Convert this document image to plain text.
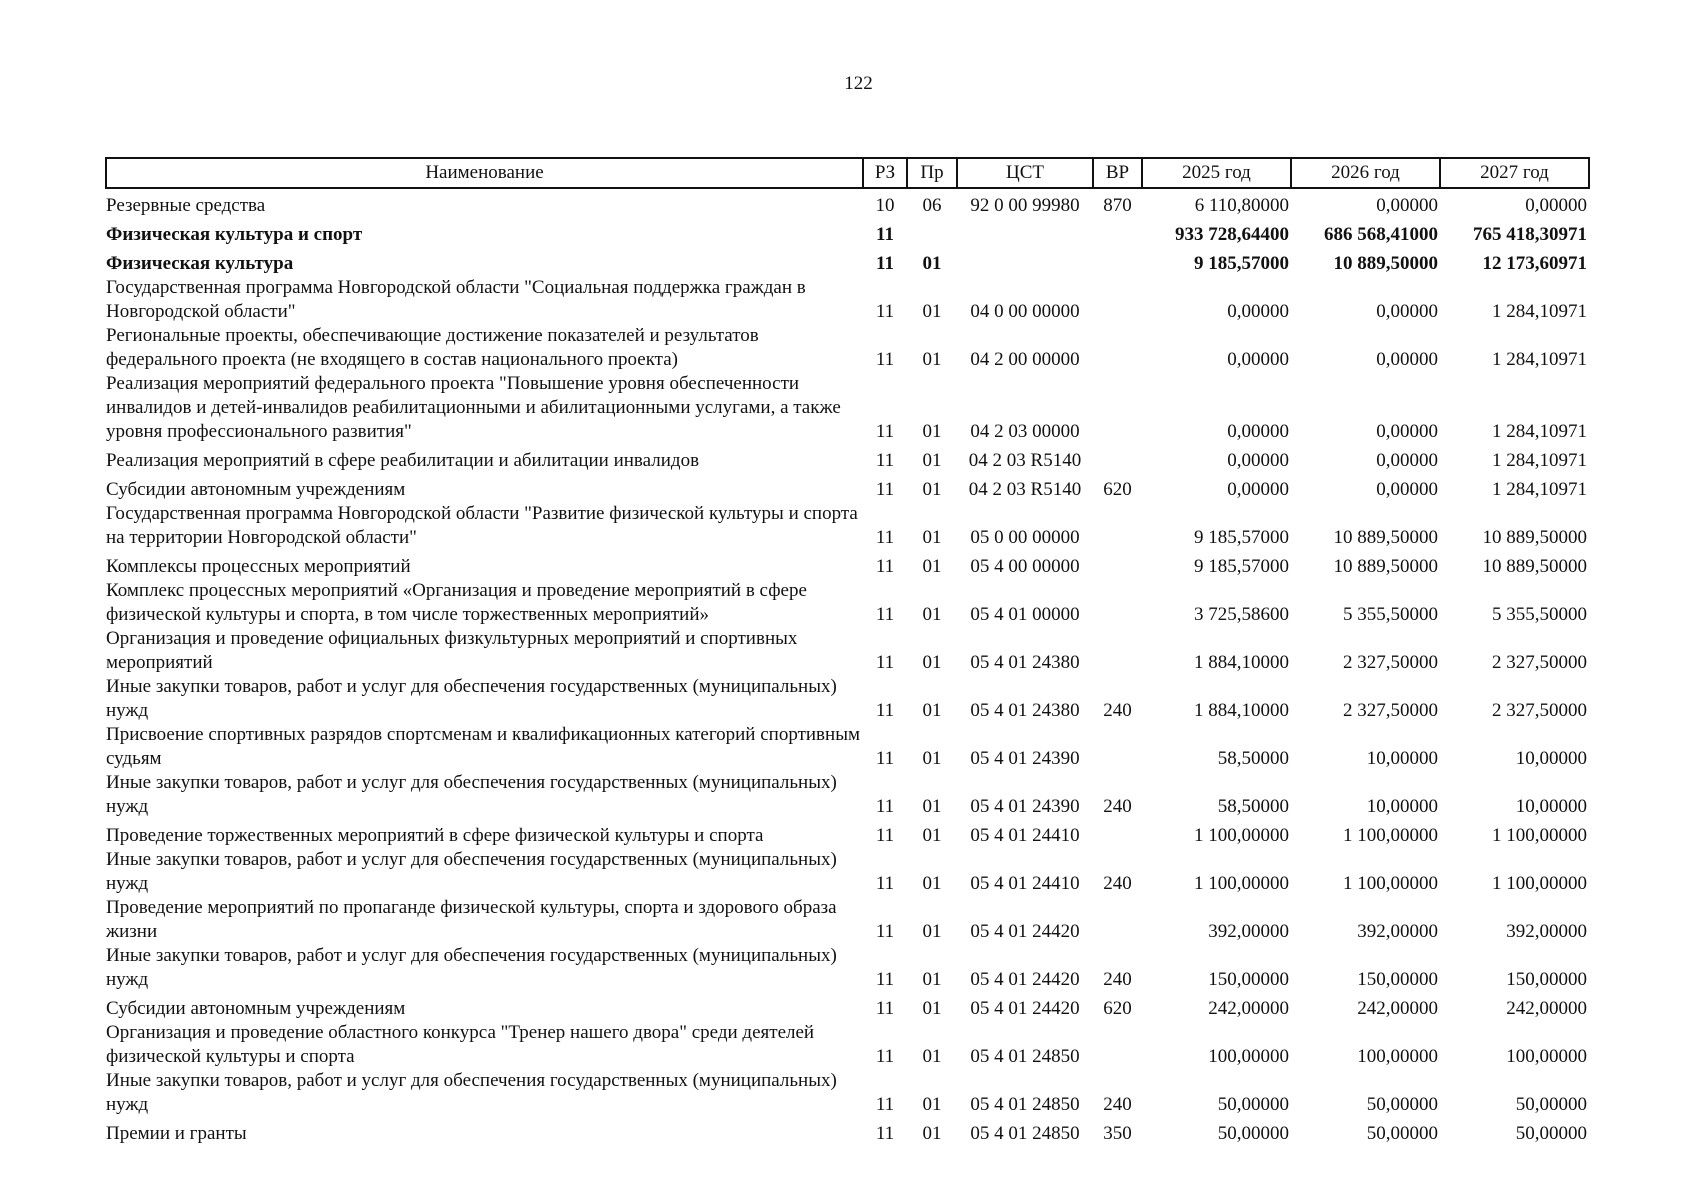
122
Наименование	РЗ	Пр	ЦСТ	ВР	2025 год	2026 год	2027 год
Резервные средства	10	06	92 0 00 99980	870	6 110,80000	0,00000	0,00000
Физическая культура и спорт	11				933 728,64400	686 568,41000	765 418,30971
Физическая культура	11	01			9 185,57000	10 889,50000	12 173,60971
Государственная программа Новгородской области "Социальная поддержка граждан в Новгородской области"	11	01	04 0 00 00000		0,00000	0,00000	1 284,10971
Региональные проекты, обеспечивающие достижение показателей и результатов федерального проекта (не входящего в состав национального проекта)	11	01	04 2 00 00000		0,00000	0,00000	1 284,10971
Реализация мероприятий федерального проекта "Повышение уровня обеспеченности инвалидов и детей-инвалидов реабилитационными и абилитационными услугами, а также уровня профессионального развития"	11	01	04 2 03 00000		0,00000	0,00000	1 284,10971
Реализация мероприятий в сфере реабилитации и абилитации инвалидов	11	01	04 2 03 R5140		0,00000	0,00000	1 284,10971
Субсидии автономным учреждениям	11	01	04 2 03 R5140	620	0,00000	0,00000	1 284,10971
Государственная программа Новгородской области "Развитие физической культуры и спорта на территории Новгородской области"	11	01	05 0 00 00000		9 185,57000	10 889,50000	10 889,50000
Комплексы процессных мероприятий	11	01	05 4 00 00000		9 185,57000	10 889,50000	10 889,50000
Комплекс процессных мероприятий «Организация и проведение мероприятий в сфере физической культуры и спорта, в том числе торжественных мероприятий»	11	01	05 4 01 00000		3 725,58600	5 355,50000	5 355,50000
Организация и проведение официальных физкультурных мероприятий и спортивных мероприятий	11	01	05 4 01 24380		1 884,10000	2 327,50000	2 327,50000
Иные закупки товаров, работ и услуг для обеспечения государственных (муниципальных) нужд	11	01	05 4 01 24380	240	1 884,10000	2 327,50000	2 327,50000
Присвоение спортивных разрядов спортсменам и квалификационных категорий спортивным судьям	11	01	05 4 01 24390		58,50000	10,00000	10,00000
Иные закупки товаров, работ и услуг для обеспечения государственных (муниципальных) нужд	11	01	05 4 01 24390	240	58,50000	10,00000	10,00000
Проведение торжественных мероприятий в сфере физической культуры и спорта	11	01	05 4 01 24410		1 100,00000	1 100,00000	1 100,00000
Иные закупки товаров, работ и услуг для обеспечения государственных (муниципальных) нужд	11	01	05 4 01 24410	240	1 100,00000	1 100,00000	1 100,00000
Проведение мероприятий по пропаганде физической культуры, спорта и здорового образа жизни	11	01	05 4 01 24420		392,00000	392,00000	392,00000
Иные закупки товаров, работ и услуг для обеспечения государственных (муниципальных) нужд	11	01	05 4 01 24420	240	150,00000	150,00000	150,00000
Субсидии автономным учреждениям	11	01	05 4 01 24420	620	242,00000	242,00000	242,00000
Организация и проведение областного конкурса "Тренер нашего двора" среди деятелей физической культуры и спорта	11	01	05 4 01 24850		100,00000	100,00000	100,00000
Иные закупки товаров, работ и услуг для обеспечения государственных (муниципальных) нужд	11	01	05 4 01 24850	240	50,00000	50,00000	50,00000
Премии и гранты	11	01	05 4 01 24850	350	50,00000	50,00000	50,00000
